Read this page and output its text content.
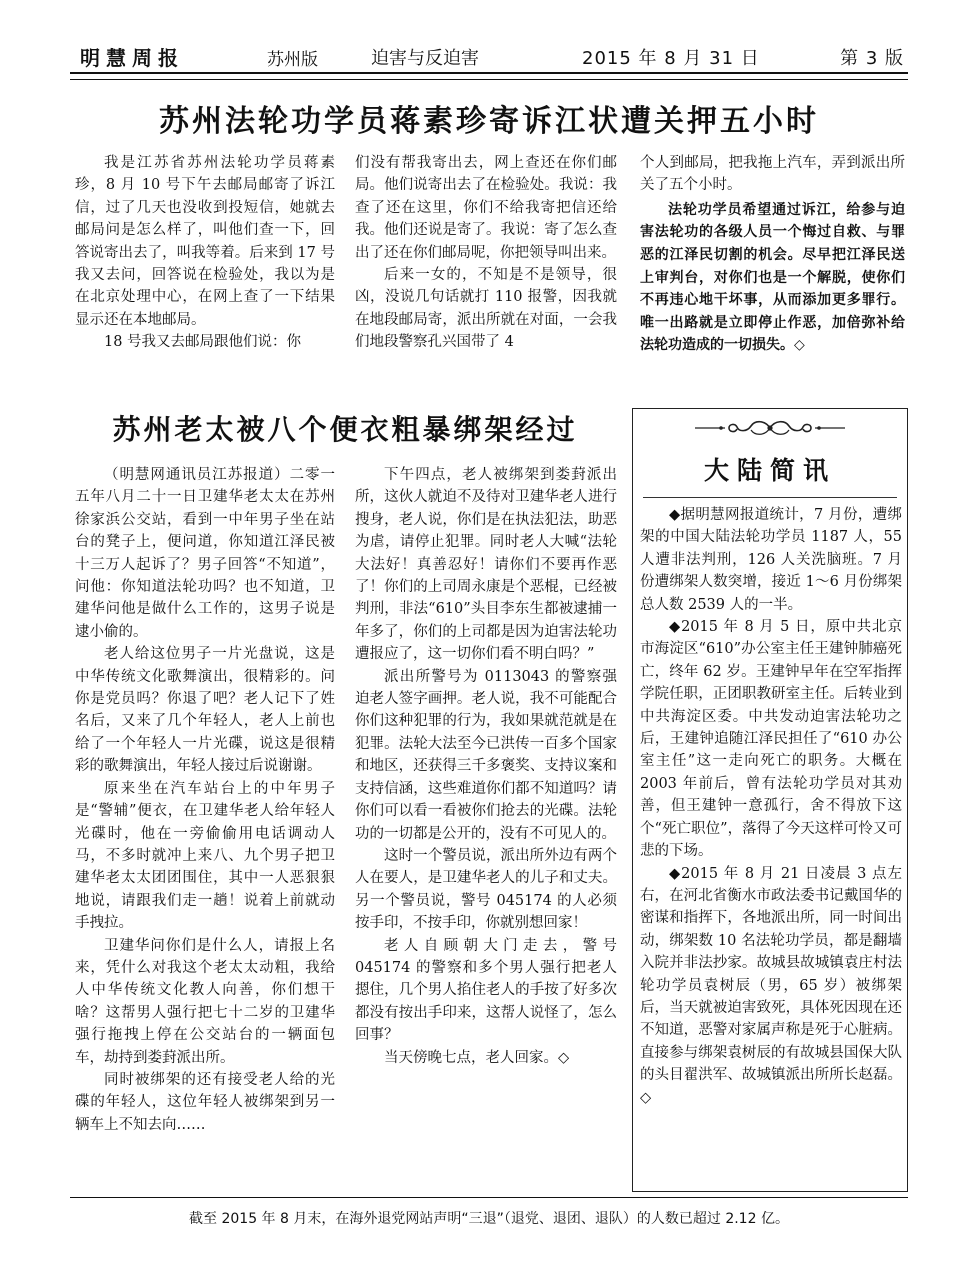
明慧周报	苏州版	迫害与反迫害	2015 年 8 月 31 日	第 3 版
苏州法轮功学员蒋素珍寄诉江状遭关押五小时

我是江苏省苏州法轮功学员蒋素珍，8 月 10 号下午去邮局邮寄了诉江信，过了几天也没收到投短信，她就去邮局问是怎么样了，叫他们查一下，回答说寄出去了，叫我等着。后来到 17 号我又去问，回答说在检验处，我以为是在北京处理中心，在网上查了一下结果显示还在本地邮局。

18 号我又去邮局跟他们说：你

们没有帮我寄出去，网上查还在你们邮局。他们说寄出去了在检验处。我说：我查了还在这里，你们不给我寄把信还给我。他们还说是寄了。我说：寄了怎么查出了还在你们邮局呢，你把领导叫出来。

后来一女的，不知是不是领导，很凶，没说几句话就打 110 报警，因我就在地段邮局寄，派出所就在对面，一会我们地段警察孔兴国带了 4

个人到邮局，把我拖上汽车，弄到派出所关了五个小时。

法轮功学员希望通过诉江，给参与迫害法轮功的各级人员一个悔过自救、与罪恶的江泽民切割的机会。尽早把江泽民送上审判台，对你们也是一个解脱，使你们不再违心地干坏事，从而添加更多罪行。唯一出路就是立即停止作恶，加倍弥补给法轮功造成的一切损失。◇

苏州老太被八个便衣粗暴绑架经过

（明慧网通讯员江苏报道）二零一五年八月二十一日卫建华老太太在苏州徐家浜公交站，看到一中年男子坐在站台的凳子上，便问道，你知道江泽民被十三万人起诉了？男子回答“不知道”，问他：你知道法轮功吗？也不知道，卫建华问他是做什么工作的，这男子说是逮小偷的。

老人给这位男子一片光盘说，这是中华传统文化歌舞演出，很精彩的。问你是党员吗？你退了吧？老人记下了姓名后，又来了几个年轻人，老人上前也给了一个年轻人一片光碟，说这是很精彩的歌舞演出，年轻人接过后说谢谢。

原来坐在汽车站台上的中年男子是“警辅”便衣，在卫建华老人给年轻人光碟时，他在一旁偷偷用电话调动人马，不多时就冲上来八、九个男子把卫建华老太太团团围住，其中一人恶狠狠地说，请跟我们走一趟！说着上前就动手拽拉。

卫建华问你们是什么人，请报上名来，凭什么对我这个老太太动粗，我给人中华传统文化教人向善，你们想干啥？这帮男人强行把七十二岁的卫建华强行拖拽上停在公交站台的一辆面包车，劫持到娄葑派出所。

同时被绑架的还有接受老人给的光碟的年轻人，这位年轻人被绑架到另一辆车上不知去向……

下午四点，老人被绑架到娄葑派出所，这伙人就迫不及待对卫建华老人进行搜身，老人说，你们是在执法犯法，助恶为虐，请停止犯罪。同时老人大喊“法轮大法好！真善忍好！请你们不要再作恶了！你们的上司周永康是个恶棍，已经被判刑，非法“610”头目李东生都被逮捕一年多了，你们的上司都是因为迫害法轮功遭报应了，这一切你们看不明白吗？”

派出所警号为 0113043 的警察强迫老人签字画押。老人说，我不可能配合你们这种犯罪的行为，我如果就范就是在犯罪。法轮大法至今已洪传一百多个国家和地区，还获得三千多褒奖、支持议案和支持信涵，这些难道你们都不知道吗？请你们可以看一看被你们抢去的光碟。法轮功的一切都是公开的，没有不可见人的。

这时一个警员说，派出所外边有两个人在要人，是卫建华老人的儿子和丈夫。另一个警员说，警号 045174 的人必须按手印，不按手印，你就别想回家！

老人自顾朝大门走去，警号 045174 的警察和多个男人强行把老人摁住，几个男人掐住老人的手按了好多次都没有按出手印来，这帮人说怪了，怎么回事？

当天傍晚七点，老人回家。◇

大陆简讯

◆据明慧网报道统计，7 月份，遭绑架的中国大陆法轮功学员 1187 人，55 人遭非法判刑，126 人关洗脑班。7 月份遭绑架人数突增，接近 1～6 月份绑架总人数 2539 人的一半。

◆2015 年 8 月 5 日，原中共北京市海淀区“610”办公室主任王建钟肺癌死亡，终年 62 岁。王建钟早年在空军指挥学院任职，正团职教研室主任。后转业到中共海淀区委。中共发动迫害法轮功之后，王建钟追随江泽民担任了“610 办公室主任”这一走向死亡的职务。大概在 2003 年前后，曾有法轮功学员对其劝善，但王建钟一意孤行，舍不得放下这个“死亡职位”，落得了今天这样可怜又可悲的下场。

◆2015 年 8 月 21 日凌晨 3 点左右，在河北省衡水市政法委书记戴国华的密谋和指挥下，各地派出所，同一时间出动，绑架数 10 名法轮功学员，都是翻墙入院并非法抄家。故城县故城镇袁庄村法轮功学员袁树辰（男，65 岁）被绑架后，当天就被迫害致死，具体死因现在还不知道，恶警对家属声称是死于心脏病。直接参与绑架袁树辰的有故城县国保大队的头目翟洪军、故城镇派出所所长赵磊。◇

截至 2015 年 8 月末，在海外退党网站声明“三退”（退党、退团、退队）的人数已超过 2.12 亿。
